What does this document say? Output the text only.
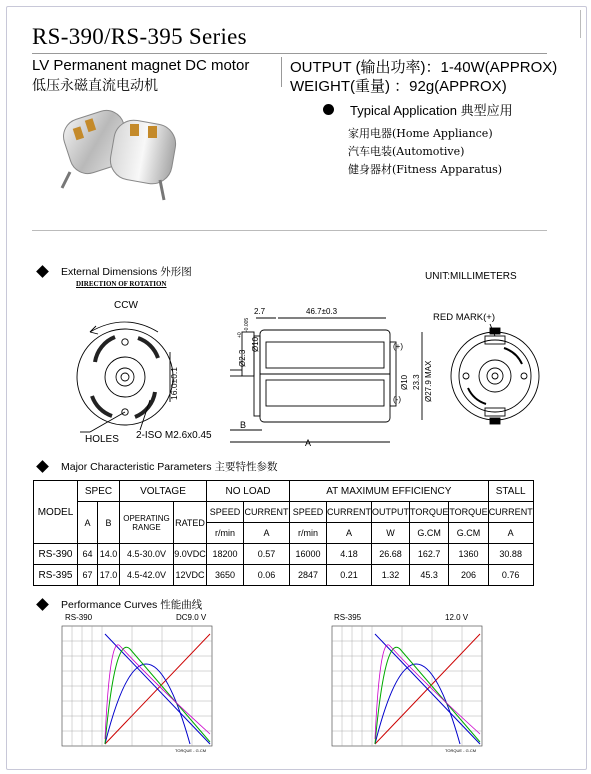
RS-390/RS-395 Series
LV Permanent magnet DC motor
低压永磁直流电动机
OUTPUT (输出功率)：1-40W(APPROX)
WEIGHT(重量) ：92g(APPROX)
Typical Application 典型应用
家用电器(Home Appliance)
汽车电装(Automotive)
健身器材(Fitness Apparatus)
External Dimensions 外形图
DIRECTION OF ROTATION
UNIT:MILLIMETERS
CCW
16.0±0.1
HOLES 2-ISO M2.6x0.45
Ø2.3
+0
-0.005
Ø10
2.7	46.7±0.3
(+)
(-)
Ø10 23.3 Ø27.9 MAX
B
A
RED MARK(+)
Major Characteristic Parameters 主要特性参数
MODEL	SPEC		VOLTAGE		NO LOAD		AT MAXIMUM EFFICIENCY					STALL
	A	B	OPERATING RANGE	RATED	SPEED	CURRENT	SPEED	CURRENT	OUTPUT	TORQUE	TORQUE	CURRENT
					r/min	A	r/min	A	W	G.CM	G.CM	A
RS-390	64	14.0	4.5-30.0V	9.0VDC	18200	0.57	16000	4.18	26.68	162.7	1360	30.88
RS-395	67	17.0	4.5-42.0V	12VDC	3650	0.06	2847	0.21	1.32	45.3	206	0.76
Performance Curves 性能曲线
RS-390	DC9.0 V	RS-395	12.0 V
TORQUE - G.CM	TORQUE - G.CM
